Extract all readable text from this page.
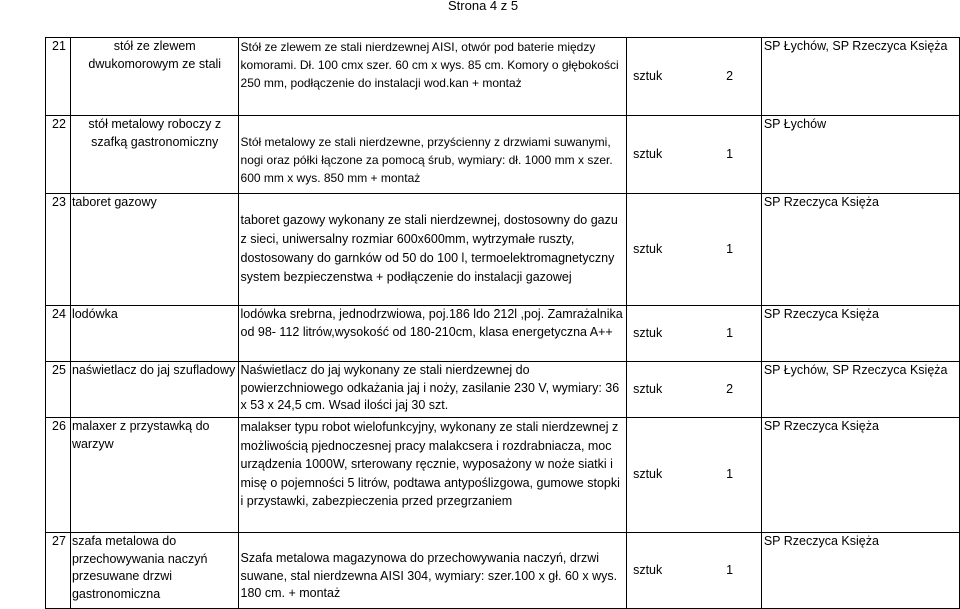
Strona 4 z 5
21	stół ze zlewem dwukomorowym ze stali	Stół ze zlewem ze stali nierdzewnej AISI, otwór pod baterie między komorami. Dł. 100 cmx szer. 60 cm x wys. 85 cm. Komory o głębokości 250 mm, podłączenie do instalacji wod.kan + montaż	sztuk 2	SP Łychów, SP Rzeczyca Księża
22	stół metalowy roboczy z szafką gastronomiczny	Stół metalowy ze stali nierdzewne, przyścienny z drzwiami suwanymi, nogi oraz półki łączone za pomocą śrub, wymiary: dł. 1000 mm x szer. 600 mm x wys. 850 mm + montaż	sztuk 1	SP Łychów
23	taboret gazowy	taboret gazowy wykonany ze stali nierdzewnej, dostosowny do gazu z sieci, uniwersalny rozmiar 600x600mm, wytrzymałe ruszty, dostosowany do garnków od 50 do 100 l, termoelektromagnetyczny system bezpieczenstwa + podłączenie do instalacji gazowej	sztuk 1	SP Rzeczyca Księża
24	lodówka	lodówka srebrna, jednodrzwiowa, poj.186 ldo 212l ,poj. Zamrażalnika od 98- 112 litrów,wysokość od 180-210cm, klasa energetyczna A++	sztuk 1	SP Rzeczyca Księża
25	naświetlacz do jaj szufladowy	Naświetlacz do jaj wykonany ze stali nierdzewnej do powierzchniowego odkażania jaj i noży, zasilanie 230 V, wymiary: 36 x 53 x 24,5 cm. Wsad ilości jaj 30 szt.	sztuk 2	SP Łychów, SP Rzeczyca Księża
26	malaxer z przystawką do warzyw	malakser typu robot wielofunkcyjny, wykonany ze stali nierdzewnej z możliwością pjednoczesnej pracy malakcsera i rozdrabniacza, moc urządzenia 1000W, srterowany ręcznie, wyposażony w noże siatki i misę o pojemności 5 litrów, podtawa antypoślizgowa, gumowe stopki i przystawki, zabezpieczenia przed przegrzaniem	sztuk 1	SP Rzeczyca Księża
27	szafa metalowa do przechowywania naczyń przesuwane drzwi gastronomiczna	Szafa metalowa magazynowa do przechowywania naczyń, drzwi suwane, stal nierdzewna AISI 304, wymiary: szer.100 x gł. 60 x wys. 180 cm. + montaż	sztuk 1	SP Rzeczyca Księża
